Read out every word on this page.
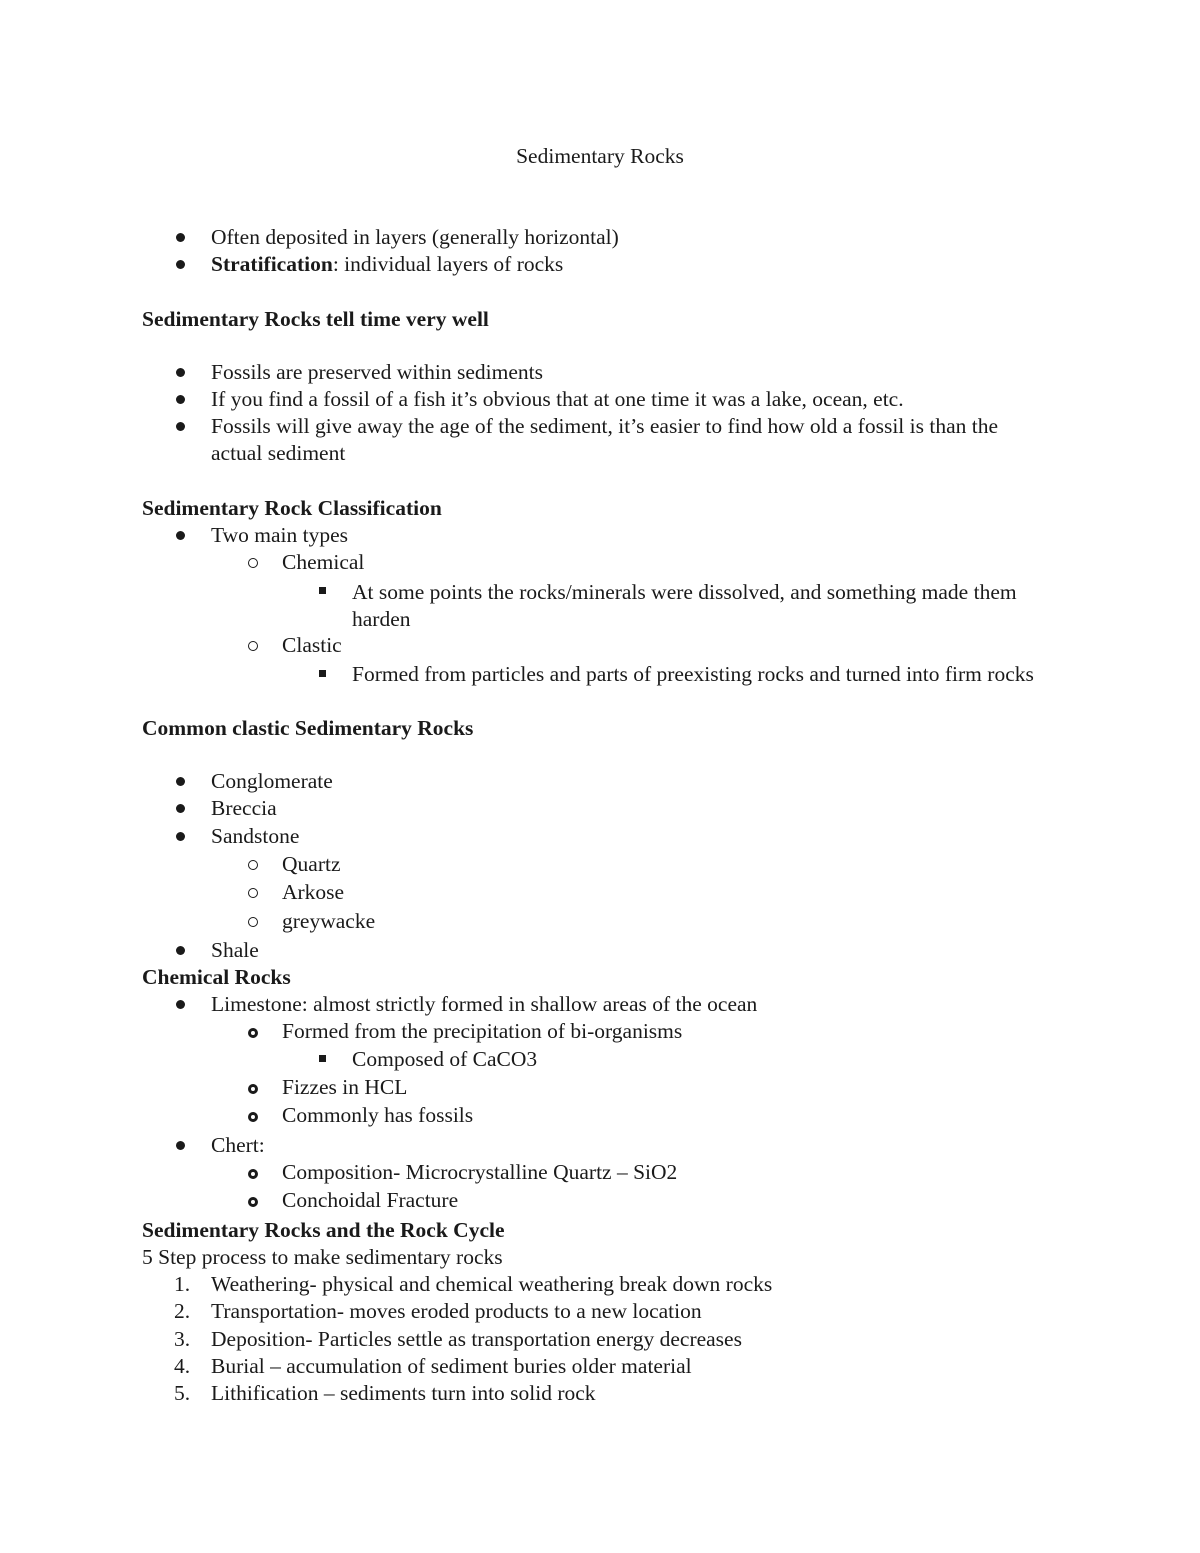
Sedimentary Rocks
Often deposited in layers (generally horizontal)
Stratification: individual layers of rocks
Sedimentary Rocks tell time very well
Fossils are preserved within sediments
If you find a fossil of a fish it’s obvious that at one time it was a lake, ocean, etc.
Fossils will give away the age of the sediment, it’s easier to find how old a fossil is than the actual sediment
Sedimentary Rock Classification
Two main types
Chemical
At some points the rocks/minerals were dissolved, and something made them harden
Clastic
Formed from particles and parts of preexisting rocks and turned into firm rocks
Common clastic Sedimentary Rocks
Conglomerate
Breccia
Sandstone
Quartz
Arkose
greywacke
Shale
Chemical Rocks
Limestone: almost strictly formed in shallow areas of the ocean
Formed from the precipitation of bi-organisms
Composed of CaCO3
Fizzes in HCL
Commonly has fossils
Chert:
Composition- Microcrystalline Quartz – SiO2
Conchoidal Fracture
Sedimentary Rocks and the Rock Cycle
5 Step process to make sedimentary rocks
1. Weathering- physical and chemical weathering break down rocks
2. Transportation- moves eroded products to a new location
3. Deposition- Particles settle as transportation energy decreases
4. Burial – accumulation of sediment buries older material
5. Lithification – sediments turn into solid rock
